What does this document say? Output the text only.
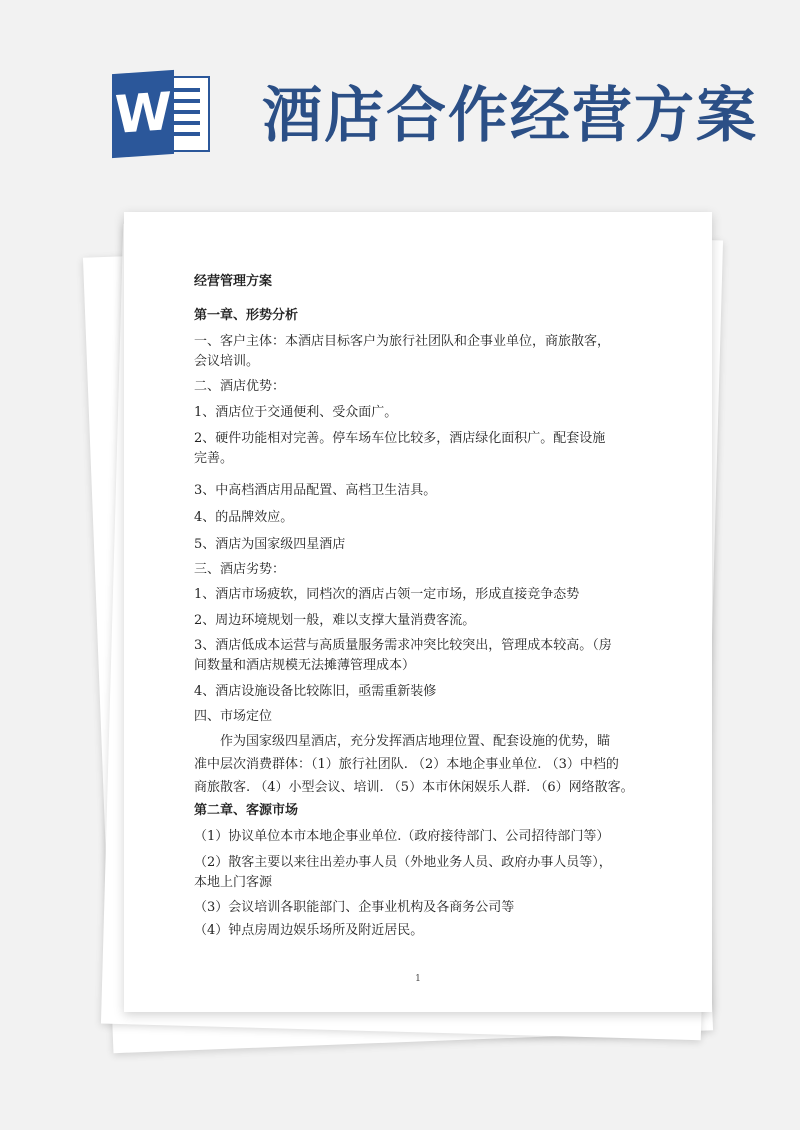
W 酒店合作经营方案

经营管理方案

第一章、形势分析

一、客户主体：本酒店目标客户为旅行社团队和企事业单位，商旅散客，

会议培训。

二、酒店优势：

1、酒店位于交通便利、受众面广。

2、硬件功能相对完善。停车场车位比较多，酒店绿化面积广。配套设施

完善。

3、中高档酒店用品配置、高档卫生洁具。

4、的品牌效应。

5、酒店为国家级四星酒店

三、酒店劣势：

1、酒店市场疲软，同档次的酒店占领一定市场，形成直接竞争态势

2、周边环境规划一般，难以支撑大量消费客流。

3、酒店低成本运营与高质量服务需求冲突比较突出，管理成本较高。（房

间数量和酒店规模无法摊薄管理成本）

4、酒店设施设备比较陈旧，亟需重新装修

四、市场定位

　　作为国家级四星酒店，充分发挥酒店地理位置、配套设施的优势，瞄

准中层次消费群体：（1）旅行社团队. （2）本地企事业单位. （3）中档的

商旅散客. （4）小型会议、培训. （5）本市休闲娱乐人群. （6）网络散客。

第二章、客源市场

（1）协议单位本市本地企事业单位.（政府接待部门、公司招待部门等）

（2）散客主要以来往出差办事人员（外地业务人员、政府办事人员等），

本地上门客源

（3）会议培训各职能部门、企事业机构及各商务公司等

（4）钟点房周边娱乐场所及附近居民。

1
